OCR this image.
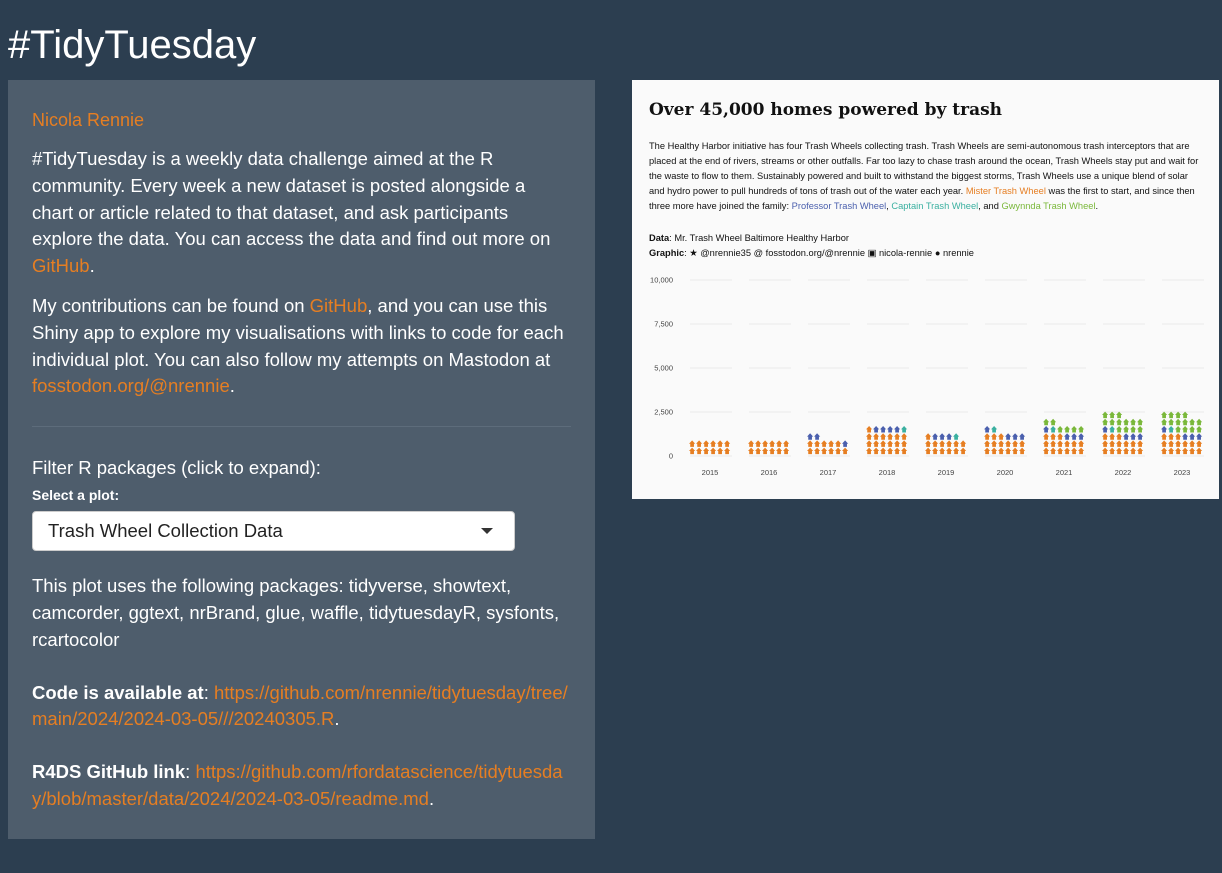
#TidyTuesday
Nicola Rennie

#TidyTuesday is a weekly data challenge aimed at the R community. Every week a new dataset is posted alongside a chart or article related to that dataset, and ask participants explore the data. You can access the data and find out more on GitHub.

My contributions can be found on GitHub, and you can use this Shiny app to explore my visualisations with links to code for each individual plot. You can also follow my attempts on Mastodon at fosstodon.org/@nrennie.

Filter R packages (click to expand):

Select a plot:

Trash Wheel Collection Data

This plot uses the following packages: tidyverse, showtext, camcorder, ggtext, nrBrand, glue, waffle, tidytuesdayR, sysfonts, rcartocolor

Code is available at: https://github.com/nrennie/tidytuesday/tree/main/2024/2024-03-05///20240305.R.

R4DS GitHub link: https://github.com/rfordatascience/tidytuesday/blob/master/data/2024/2024-03-05/readme.md.

Over 45,000 homes powered by trash

The Healthy Harbor initiative has four Trash Wheels collecting trash. Trash Wheels are semi-autonomous trash interceptors that are placed at the end of rivers, streams or other outfalls. Far too lazy to chase trash around the ocean, Trash Wheels stay put and wait for the waste to flow to them. Sustainably powered and built to withstand the biggest storms, Trash Wheels use a unique blend of solar and hydro power to pull hundreds of tons of trash out of the water each year. Mister Trash Wheel was the first to start, and since then three more have joined the family: Professor Trash Wheel, Captain Trash Wheel, and Gwynnda Trash Wheel.

Data: Mr. Trash Wheel Baltimore Healthy Harbor

Graphic: ★ @nrennie35 @ fosstodon.org/@nrennie ▣ nicola-rennie ● nrennie

0
2,500
5,000
7,500
10,000
2015	2016	2017	2018	2019	2020	2021	2022	2023
